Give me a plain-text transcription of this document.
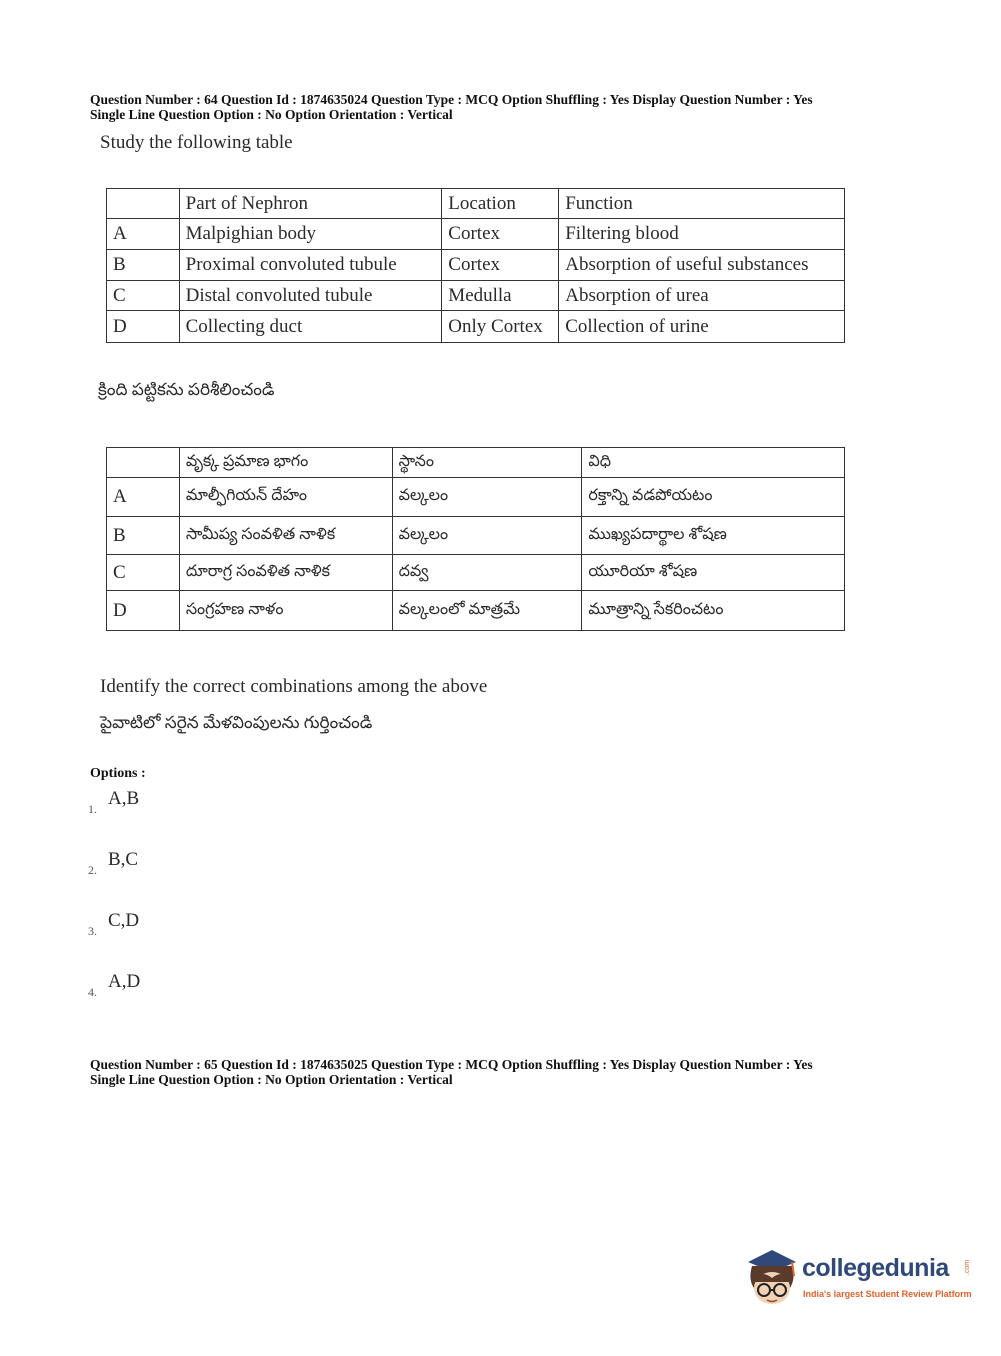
Question Number : 64 Question Id : 1874635024 Question Type : MCQ Option Shuffling : Yes Display Question Number : Yes
Single Line Question Option : No Option Orientation : Vertical
Study the following table
	Part of Nephron	Location	Function
A	Malpighian body	Cortex	Filtering blood
B	Proximal convoluted tubule	Cortex	Absorption of useful substances
C	Distal convoluted tubule	Medulla	Absorption of urea
D	Collecting duct	Only Cortex	Collection of urine
క్రింది పట్టికను పరిశీలించండి
	వృక్క ప్రమాణ భాగం	స్థానం	విధి
A	మాల్ఫీగియన్ దేహం	వల్కలం	రక్తాన్ని వడపోయటం
B	సామీప్య సంవళిత నాళిక	వల్కలం	ముఖ్యపదార్థాల శోషణ
C	దూరాగ్ర సంవళిత నాళిక	దవ్వ	యూరియా శోషణ
D	సంగ్రహణ నాళం	వల్కలంలో మాత్రమే	మూత్రాన్ని సేకరించటం
Identify the correct combinations among the above
పైవాటిలో సరైన మేళవింపులను గుర్తించండి
Options :
1. A,B
2. B,C
3. C,D
4. A,D
Question Number : 65 Question Id : 1874635025 Question Type : MCQ Option Shuffling : Yes Display Question Number : Yes
Single Line Question Option : No Option Orientation : Vertical
collegedunia .com
India's largest Student Review Platform
